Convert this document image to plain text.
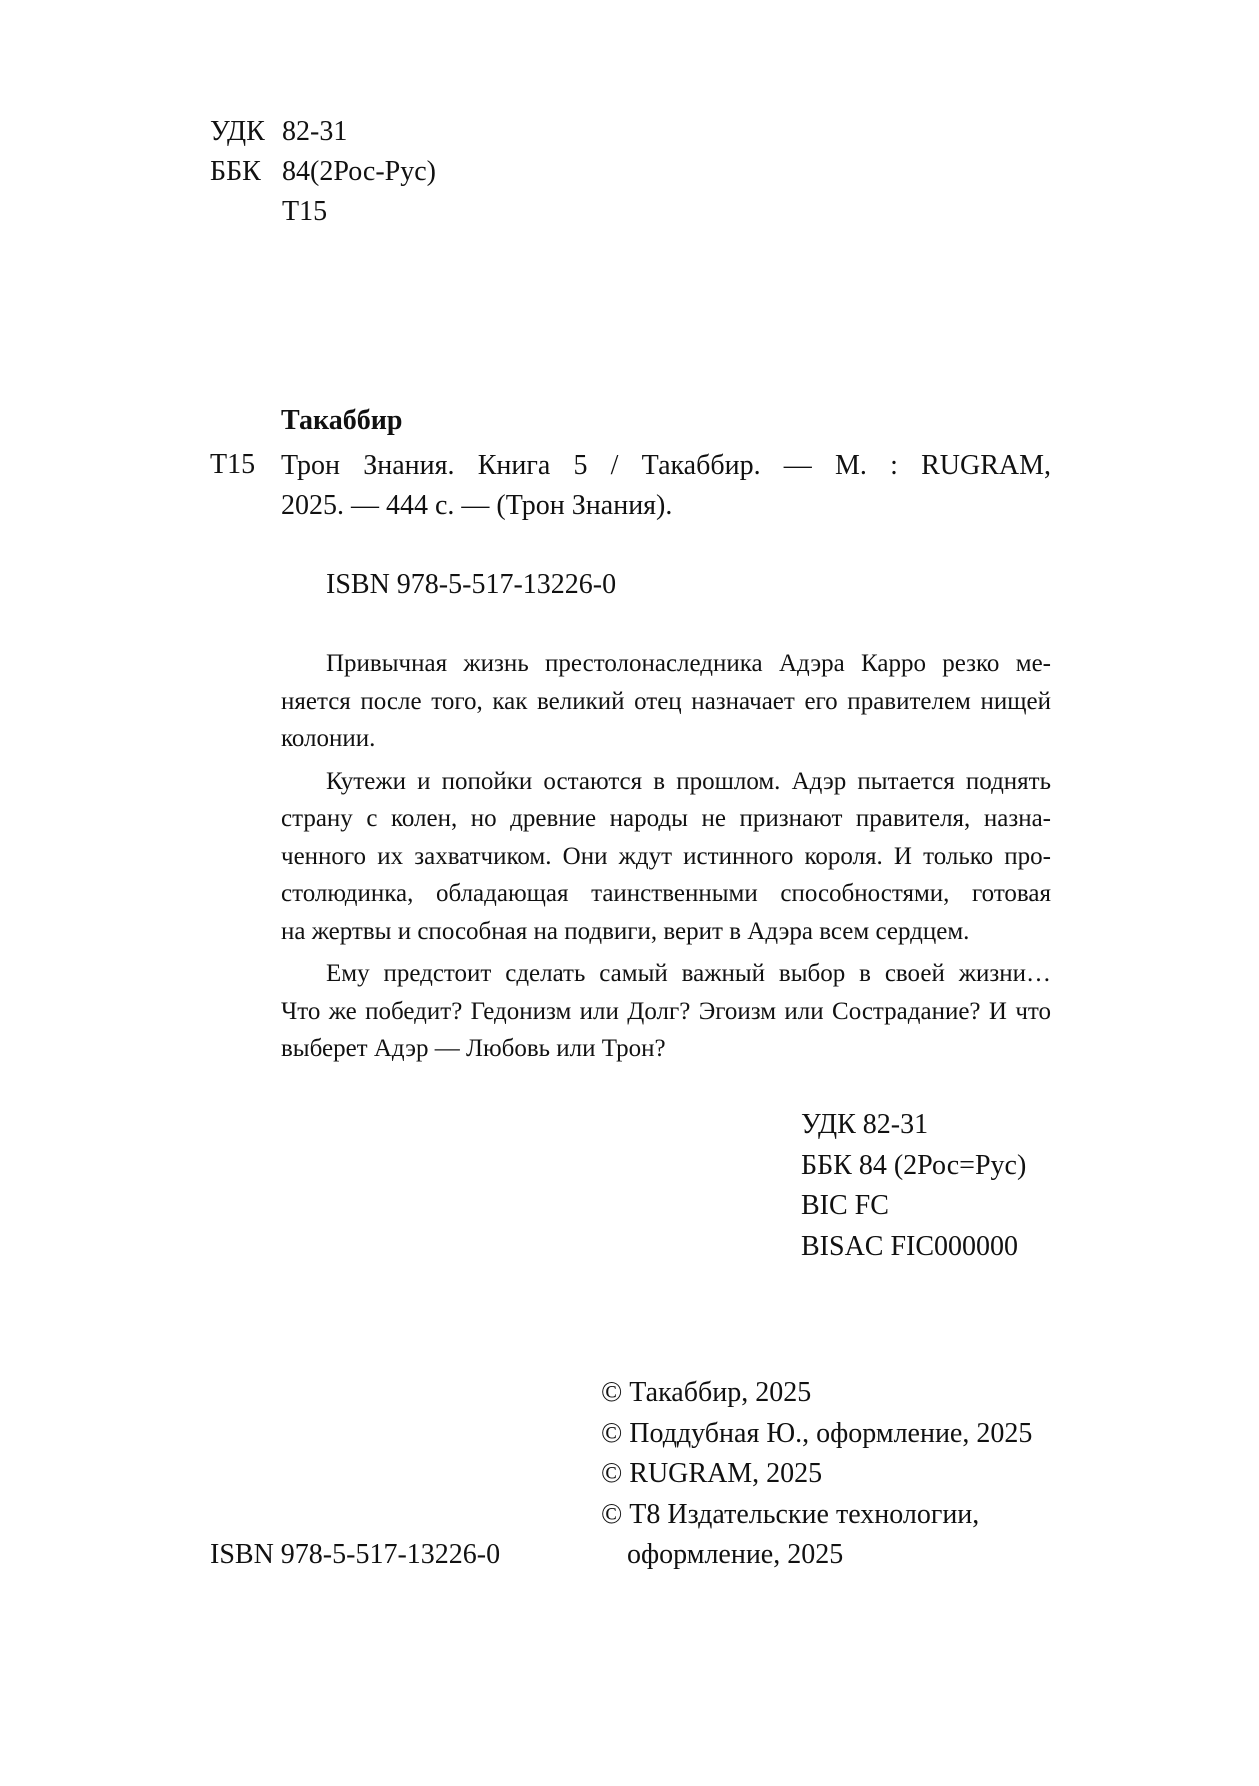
УДК 82-31
ББК 84(2Рос-Рус)
Т15
Такаббир
Т15 Трон Знания. Книга 5 / Такаббир. — М. : RUGRAM,
2025. — 444 с. — (Трон Знания).
ISBN 978-5-517-13226-0
Привычная жизнь престолонаследника Адэра Карро резко ме-
няется после того, как великий отец назначает его правителем нищей
колонии.
Кутежи и попойки остаются в прошлом. Адэр пытается поднять
страну с колен, но древние народы не признают правителя, назна-
ченного их захватчиком. Они ждут истинного короля. И только про-
столюдинка, обладающая таинственными способностями, готовая
на жертвы и способная на подвиги, верит в Адэра всем сердцем.
Ему предстоит сделать самый важный выбор в своей жизни…
Что же победит? Гедонизм или Долг? Эгоизм или Сострадание? И что
выберет Адэр — Любовь или Трон?
УДК 82-31
ББК 84 (2Рос=Рус)
BIC FC
BISAC FIC000000
© Такаббир, 2025
© Поддубная Ю., оформление, 2025
© RUGRAM, 2025
© Т8 Издательские технологии,
оформление, 2025
ISBN 978-5-517-13226-0
